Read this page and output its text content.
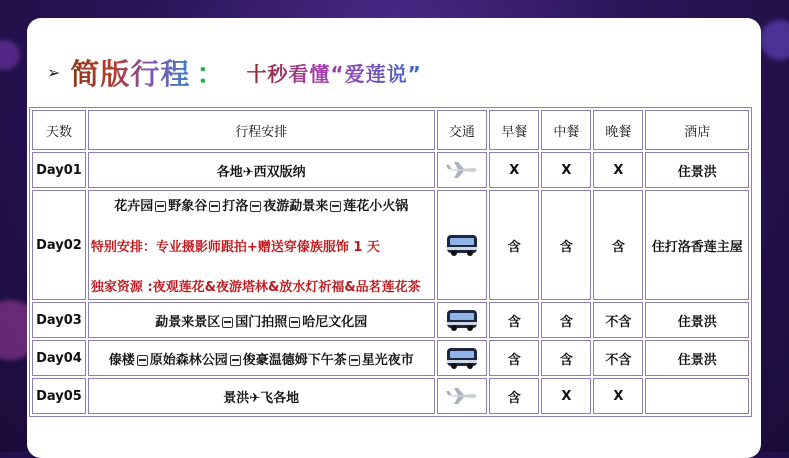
➢ 简版行程 ： 十秒看懂“爱莲说”
天数	行程安排	交通	早餐	中餐	晚餐	酒店
Day01	各地✈西双版纳		X	X	X	住景洪
Day02	花卉园 野象谷 打洛 夜游勐景来 莲花小火锅
特别安排：专业摄影师跟拍+赠送穿傣族服饰 1 天
独家资源 :夜观莲花&夜游塔林&放水灯祈福&品茗莲花茶		含	含	含	住打洛香莲主屋
Day03	勐景来景区 国门拍照 哈尼文化园		含	含	不含	住景洪
Day04	傣楼 原始森林公园 俊豪温德姆下午茶 星光夜市		含	含	不含	住景洪
Day05	景洪✈飞各地		含	X	X	
